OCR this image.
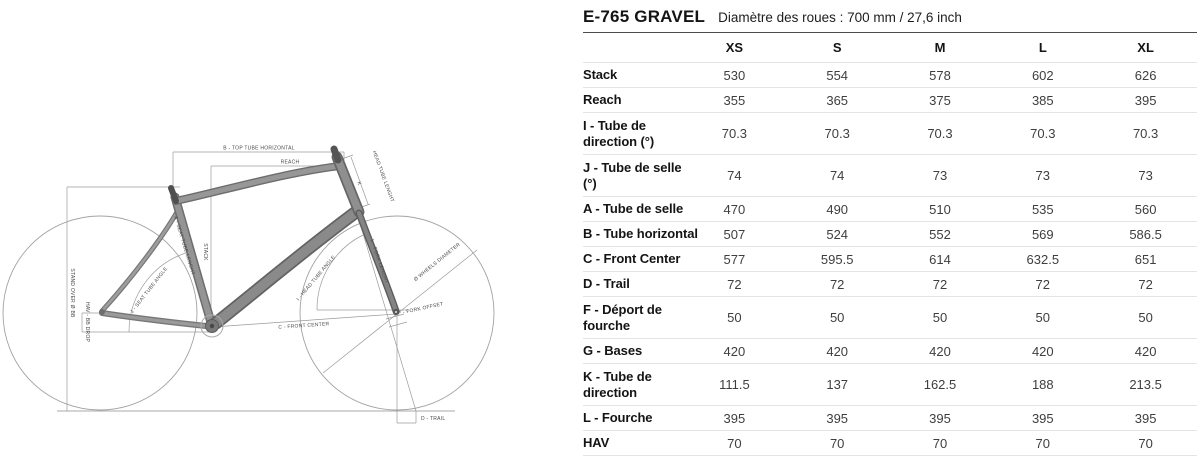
B - TOP TUBE HORIZONTAL
REACH
STACK
HEAD TUBE LENGHT
K
L - FORK LENGHT
A - SEAT TUBE LENGHT
J - SEAT TUBE ANGLE	I - HEAD TUBE ANGLE	Ø WHEELS DIAMETER
F - FORK OFFSET
C - FRONT CENTER
D - TRAIL
STAND OVER Ø BB
HAV - BB DROP
E-765 GRAVEL Diamètre des roues : 700 mm / 27,6 inch
XS	S	M	L	XL
Stack	530	554	578	602	626
Reach	355	365	375	385	395
I - Tube de
direction (°)	70.3	70.3	70.3	70.3	70.3
J - Tube de selle
(°)	74	74	73	73	73
A - Tube de selle	470	490	510	535	560
B - Tube horizontal	507	524	552	569	586.5
C - Front Center	577	595.5	614	632.5	651
D - Trail	72	72	72	72	72
F - Déport de
fourche	50	50	50	50	50
G - Bases	420	420	420	420	420
K - Tube de
direction	111.5	137	162.5	188	213.5
L - Fourche	395	395	395	395	395
HAV	70	70	70	70	70
